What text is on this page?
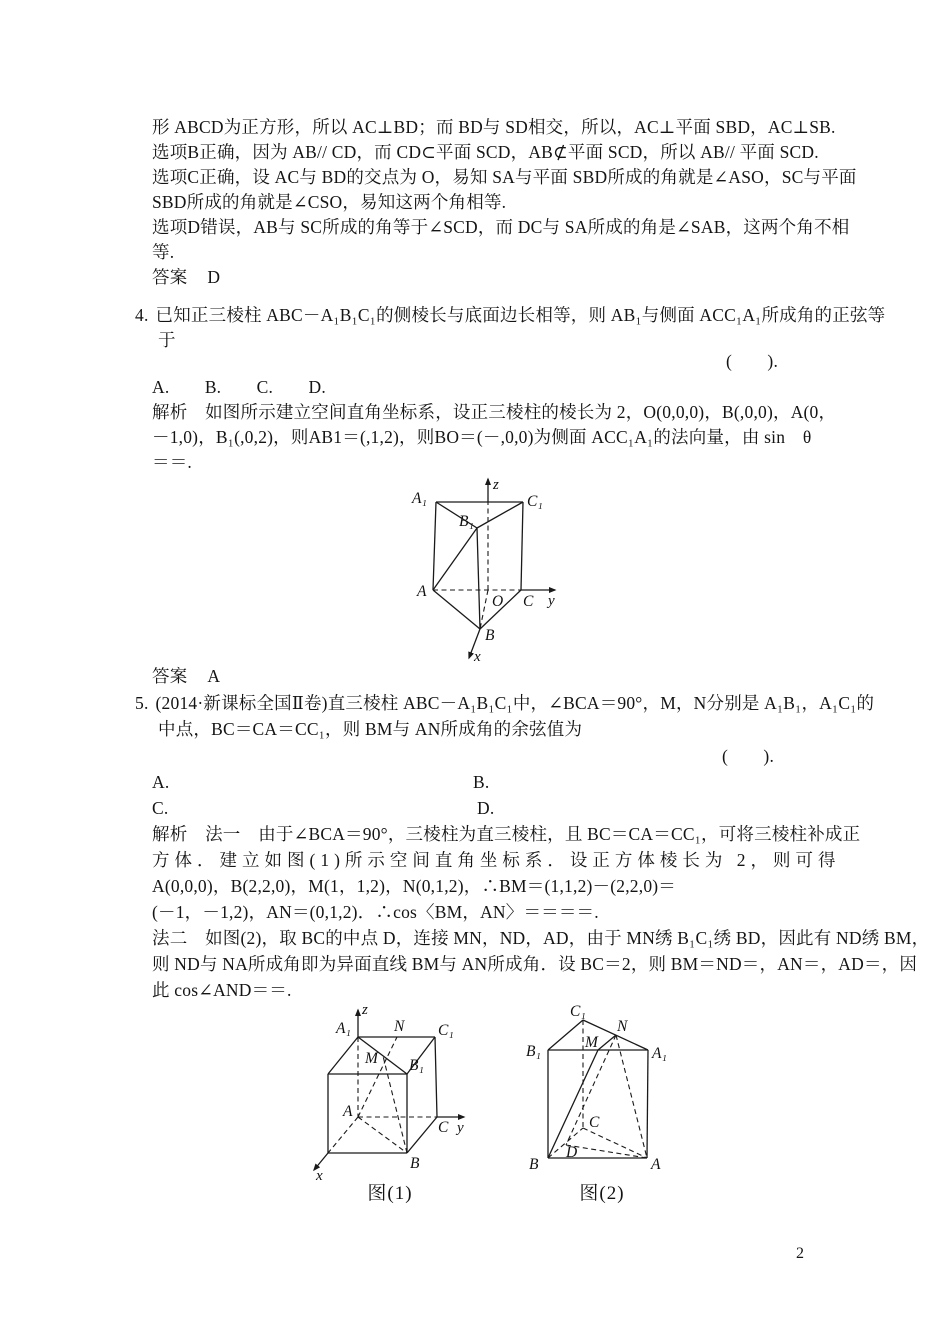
形 ABCD为正方形，所以 AC⊥BD；而 BD与 SD相交，所以，AC⊥平面 SBD，AC⊥SB.
选项B正确，因为 AB// CD，而 CD⊂平面 SCD，AB⊄平面 SCD，所以 AB// 平面 SCD.
选项C正确，设 AC与 BD的交点为 O，易知 SA与平面 SBD所成的角就是∠ASO，SC与平面
SBD所成的角就是∠CSO，易知这两个角相等.
选项D错误，AB与 SC所成的角等于∠SCD，而 DC与 SA所成的角是∠SAB，这两个角不相
等.
答案 D
4. 已知正三棱柱 ABC－A₁B₁C₁的侧棱长与底面边长相等，则 AB₁与侧面 ACC₁A₁所成角的正弦等
于
(　　).
A.　　B.　　C.　　D.
解析　如图所示建立空间直角坐标系，设正三棱柱的棱长为 2，O(0,0,0)，B(,0,0)，A(0，
－1,0)，B₁(,0,2)，则AB1＝(,1,2)，则BO＝(－,0,0)为侧面 ACC₁A₁的法向量，由 sin　θ
＝＝.
A₁	C₁
B₁
A
O C
B
z
y
x
答案 A
5. (2014·新课标全国Ⅱ卷)直三棱柱 ABC－A₁B₁C₁中，∠BCA＝90°，M，N分别是 A₁B₁，A₁C₁的
中点，BC＝CA＝CC₁，则 BM与 AN所成角的余弦值为
(　　).
A.	B.
C.	D.
解析　法一　由于∠BCA＝90°，三棱柱为直三棱柱，且 BC＝CA＝CC₁，可将三棱柱补成正
方体．建立如图(1)所示空间直角坐标系．设正方体棱长为 2，则可得
A(0,0,0)，B(2,2,0)，M(1，1,2)，N(0,1,2)，∴BM＝(1,1,2)－(2,2,0)＝
(－1，－1,2)，AN＝(0,1,2)．∴cos〈BM，AN〉＝＝＝＝.
法二　如图(2)，取 BC的中点 D，连接 MN，ND，AD，由于 MN绣 B₁C₁绣 BD，因此有 ND绣 BM，
则 ND与 NA所成角即为异面直线 BM与 AN所成角．设 BC＝2，则 BM＝ND＝，AN＝，AD＝，因
此 cos∠AND＝＝.
z
A₁	N C₁
M B₁
A
C y
B
x
图(1)
C₁
N
B₁
M
A₁
C
D
B	A
图(2)
2
